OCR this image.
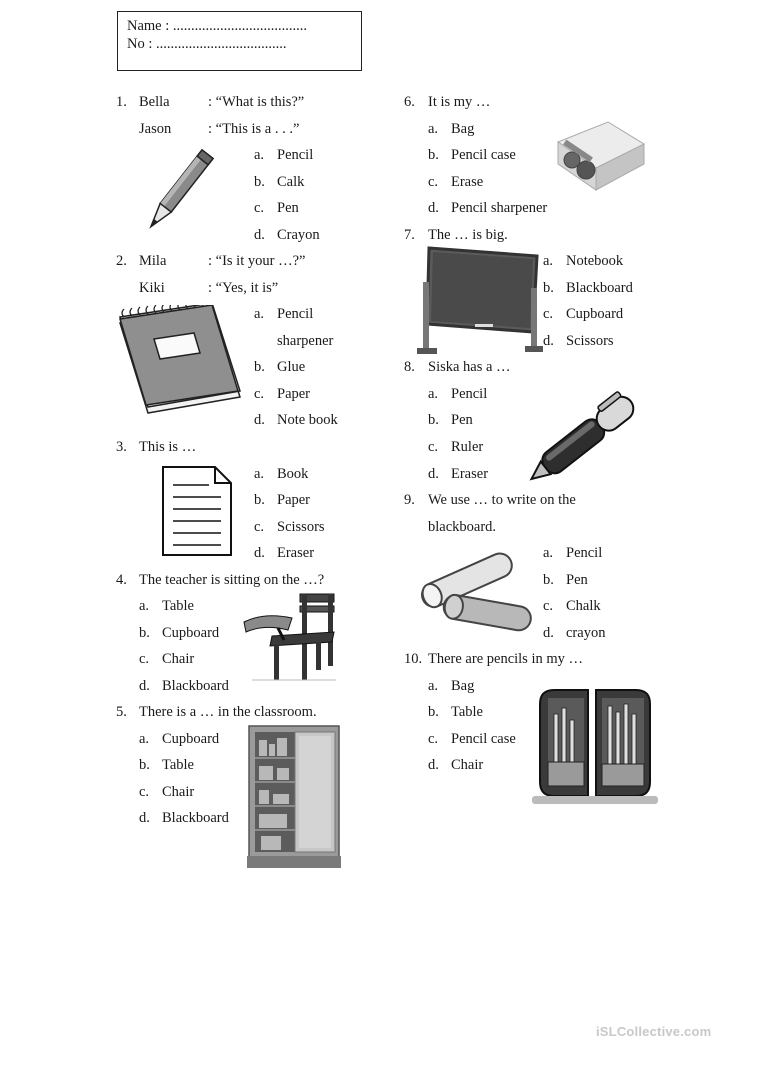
Name : .....................................
No : ....................................
1. Bella	: “What is this?”
Jason	: “This is a . . .”
a. Pencil
b. Calk
c. Pen
d. Crayon
2. Mila	: “Is it your …?”
Kiki	: “Yes, it is”
a. Pencil
sharpener
b. Glue
c. Paper
d. Note book
3. This is …
a. Book
b. Paper
c. Scissors
d. Eraser
4. The teacher is sitting on the …?
a. Table
b. Cupboard
c. Chair
d. Blackboard
5. There is a … in the classroom.
a. Cupboard
b. Table
c. Chair
d. Blackboard
6. It is my …
a. Bag
b. Pencil case
c. Erase
d. Pencil sharpener
7. The … is big.
a. Notebook
b. Blackboard
c. Cupboard
d. Scissors
8. Siska has a …
a. Pencil
b. Pen
c. Ruler
d. Eraser
9. We use … to write on the
blackboard.
a. Pencil
b. Pen
c. Chalk
d. crayon
10. There are pencils in my …
a. Bag
b. Table
c. Pencil case
d. Chair
iSLCollective.com
